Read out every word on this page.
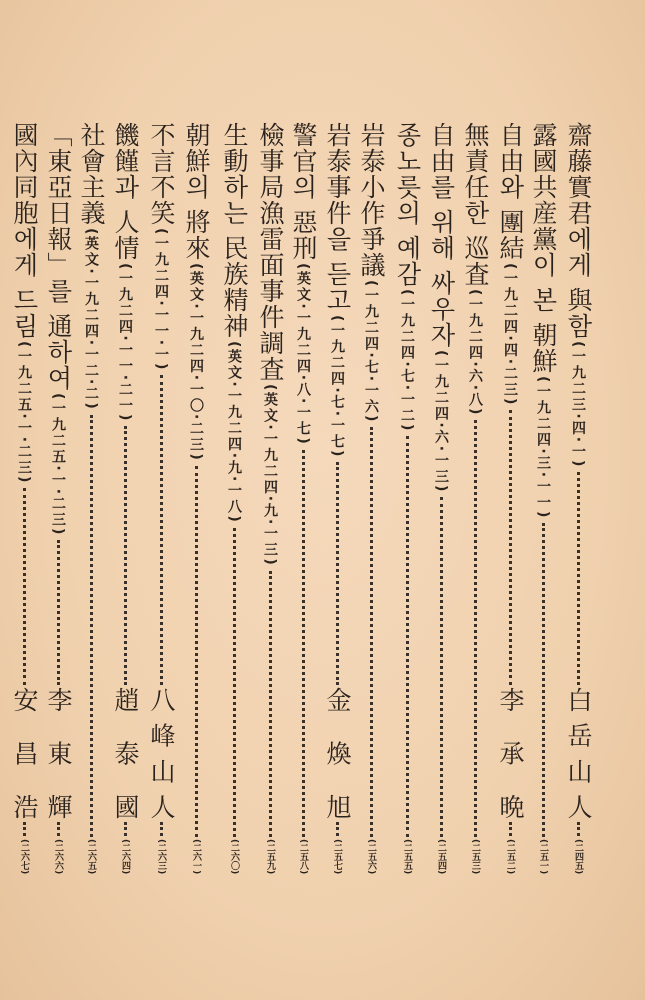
齋藤實君에게 與함
(一九二三·四·一)
白岳山人
(二四五)
露國共産黨이 본 朝鮮
(一九二四·三·一一)
(二五一)
自由와 團結
(一九二四·四·二三)
李承晩
(二五二)
無責任한 巡査
(一九二四·六·八)
(二五三)
自由를 위해 싸우자
(一九二四·六·一三)
(二五四)
종노릇의 예감
(一九二四·七·一二)
(二五五)
岩泰小作爭議
(一九二四·七·一六)
(二五六)
岩泰事件을 듣고
(一九二四·七·一七)
金煥旭
(二五七)
警官의 惡刑
(英文·一九二四·八·一七)
(二五八)
檢事局漁雷面事件調査
(英文·一九二四·九·一三)
(二五九)
生動하는 民族精神
(英文·一九二四·九·一八)
(二六〇)
朝鮮의 將來
(英文·一九二四·一〇·二三)
(二六一)
不言不笑
(一九二四·一一·一)
八峰山人
(二六三)
饑饉과 人情
(一九二四·一一·二一)
趙泰國
(二六四)
社會主義
(英文·一九二四·一二·二)
(二六五)
「東亞日報」를 通하여
(一九二五·一·二三)
李東輝
(二六六)
國內同胞에게 드림
(一九二五·一·二三)
安昌浩
(二六七)
